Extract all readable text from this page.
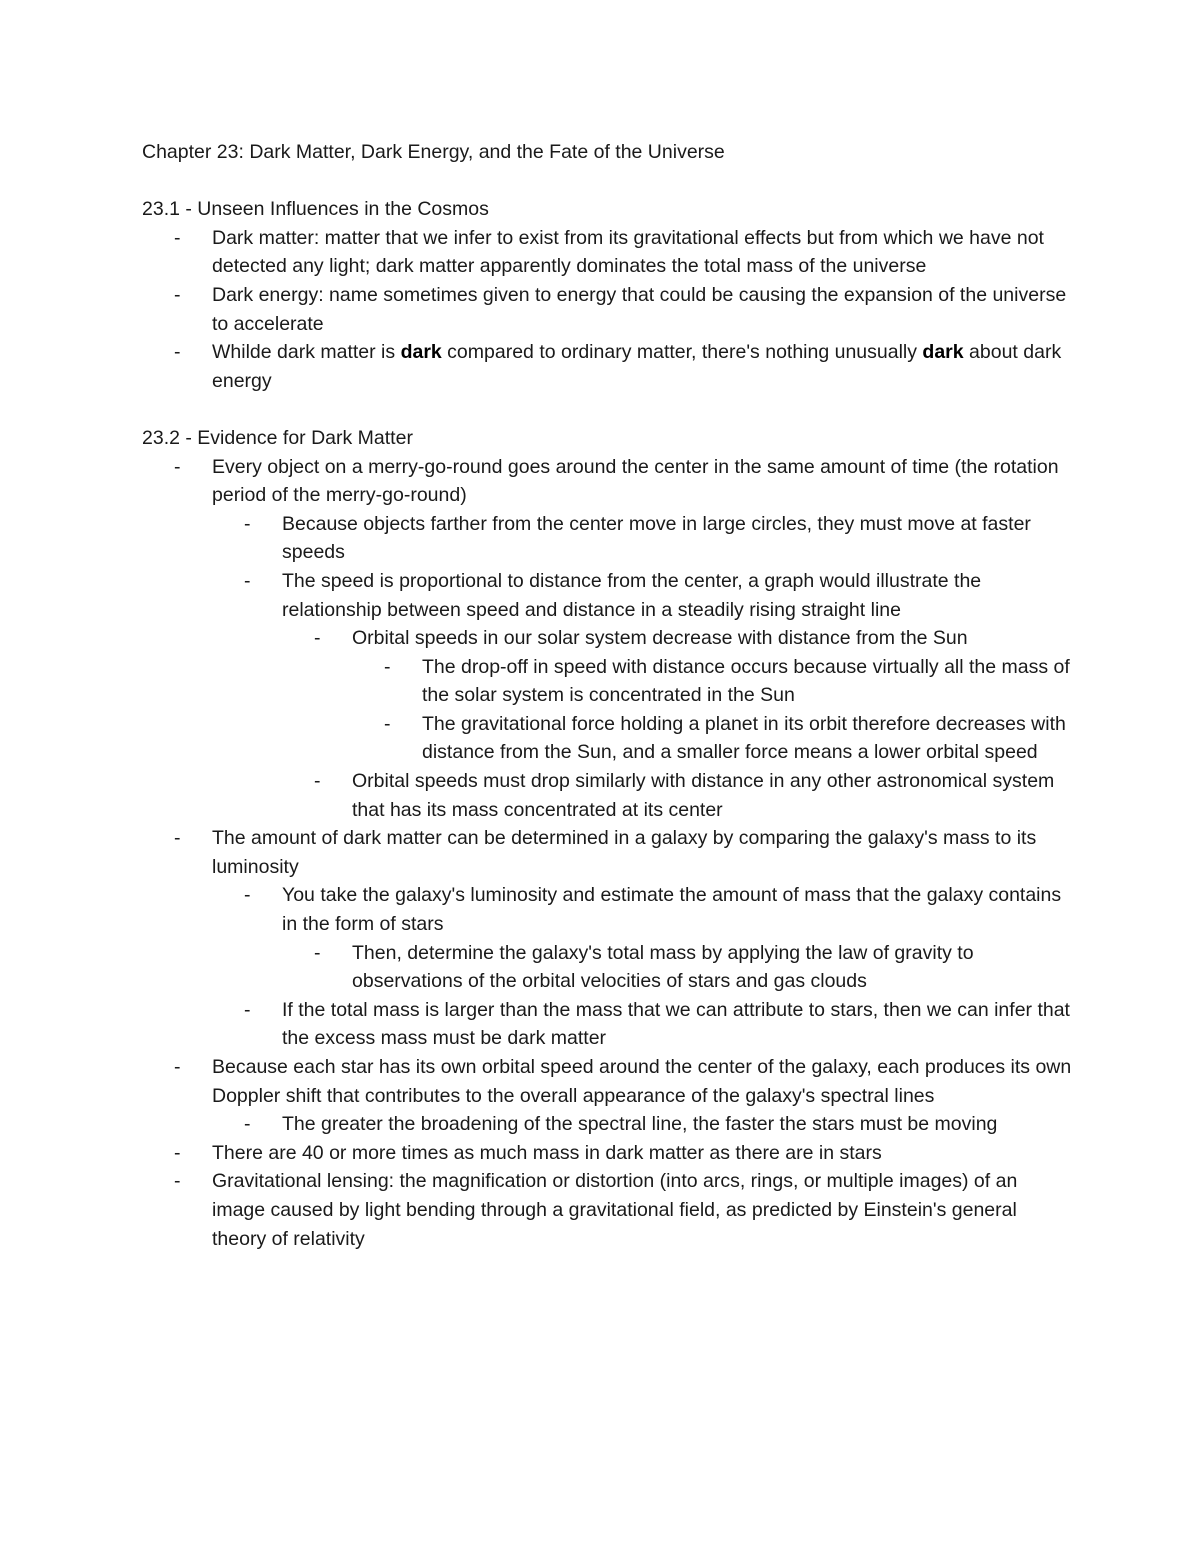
Chapter 23: Dark Matter, Dark Energy, and the Fate of the Universe
23.1 - Unseen Influences in the Cosmos
- Dark matter: matter that we infer to exist from its gravitational effects but from which we have not detected any light; dark matter apparently dominates the total mass of the universe
- Dark energy: name sometimes given to energy that could be causing the expansion of the universe to accelerate
- Whilde dark matter is dark compared to ordinary matter, there's nothing unusually dark about dark energy
23.2 - Evidence for Dark Matter
- Every object on a merry-go-round goes around the center in the same amount of time (the rotation period of the merry-go-round)
- Because objects farther from the center move in large circles, they must move at faster speeds
- The speed is proportional to distance from the center, a graph would illustrate the relationship between speed and distance in a steadily rising straight line
- Orbital speeds in our solar system decrease with distance from the Sun
- The drop-off in speed with distance occurs because virtually all the mass of the solar system is concentrated in the Sun
- The gravitational force holding a planet in its orbit therefore decreases with distance from the Sun, and a smaller force means a lower orbital speed
- Orbital speeds must drop similarly with distance in any other astronomical system that has its mass concentrated at its center
- The amount of dark matter can be determined in a galaxy by comparing the galaxy's mass to its luminosity
- You take the galaxy's luminosity and estimate the amount of mass that the galaxy contains in the form of stars
- Then, determine the galaxy's total mass by applying the law of gravity to observations of the orbital velocities of stars and gas clouds
- If the total mass is larger than the mass that we can attribute to stars, then we can infer that the excess mass must be dark matter
- Because each star has its own orbital speed around the center of the galaxy, each produces its own Doppler shift that contributes to the overall appearance of the galaxy's spectral lines
- The greater the broadening of the spectral line, the faster the stars must be moving
- There are 40 or more times as much mass in dark matter as there are in stars
- Gravitational lensing: the magnification or distortion (into arcs, rings, or multiple images) of an image caused by light bending through a gravitational field, as predicted by Einstein's general theory of relativity
